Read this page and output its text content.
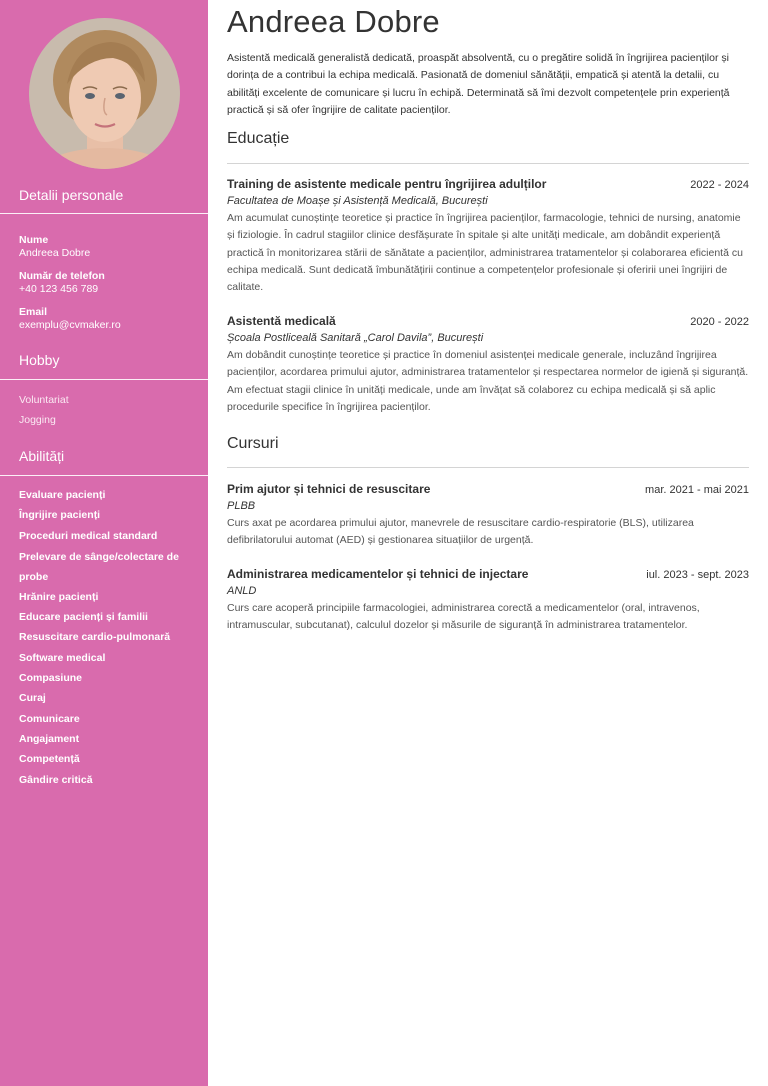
Detalii personale
Nume
Andreea Dobre
Număr de telefon
+40 123 456 789
Email
exemplu@cvmaker.ro
Hobby
Voluntariat
Jogging
Abilități
Evaluare pacienți
Îngrijire pacienți
Proceduri medical standard
Prelevare de sânge/colectare de probe
Hrănire pacienți
Educare pacienți și familii
Resuscitare cardio-pulmonară
Software medical
Compasiune
Curaj
Comunicare
Angajament
Competență
Gândire critică
Andreea Dobre

Asistentă medicală generalistă dedicată, proaspăt absolventă, cu o pregătire solidă în îngrijirea pacienților și dorința de a contribui la echipa medicală. Pasionată de domeniul sănătății, empatică și atentă la detalii, cu abilități excelente de comunicare și lucru în echipă. Determinată să îmi dezvolt competențele prin experiență practică și să ofer îngrijire de calitate pacienților.

Educație
Training de asistente medicale pentru îngrijirea adulților	2022 - 2024
Facultatea de Moașe și Asistență Medicală, București
Am acumulat cunoștințe teoretice și practice în îngrijirea pacienților, farmacologie, tehnici de nursing, anatomie și fiziologie. În cadrul stagiilor clinice desfășurate în spitale și alte unități medicale, am dobândit experiență practică în monitorizarea stării de sănătate a pacienților, administrarea tratamentelor și colaborarea eficientă cu echipa medicală. Sunt dedicată îmbunătățirii continue a competențelor profesionale și oferirii unei îngrijiri de calitate.
Asistentă medicală	2020 - 2022
Școala Postliceală Sanitară „Carol Davila”, București
Am dobândit cunoștințe teoretice și practice în domeniul asistenței medicale generale, incluzând îngrijirea pacienților, acordarea primului ajutor, administrarea tratamentelor și respectarea normelor de igienă și siguranță. Am efectuat stagii clinice în unități medicale, unde am învățat să colaborez cu echipa medicală și să aplic procedurile specifice în îngrijirea pacienților.
Cursuri
Prim ajutor și tehnici de resuscitare	mar. 2021 - mai 2021
PLBB
Curs axat pe acordarea primului ajutor, manevrele de resuscitare cardio-respiratorie (BLS), utilizarea defibrilatorului automat (AED) și gestionarea situațiilor de urgență.
Administrarea medicamentelor și tehnici de injectare	iul. 2023 - sept. 2023
ANLD
Curs care acoperă principiile farmacologiei, administrarea corectă a medicamentelor (oral, intravenos, intramuscular, subcutanat), calculul dozelor și măsurile de siguranță în administrarea tratamentelor.
